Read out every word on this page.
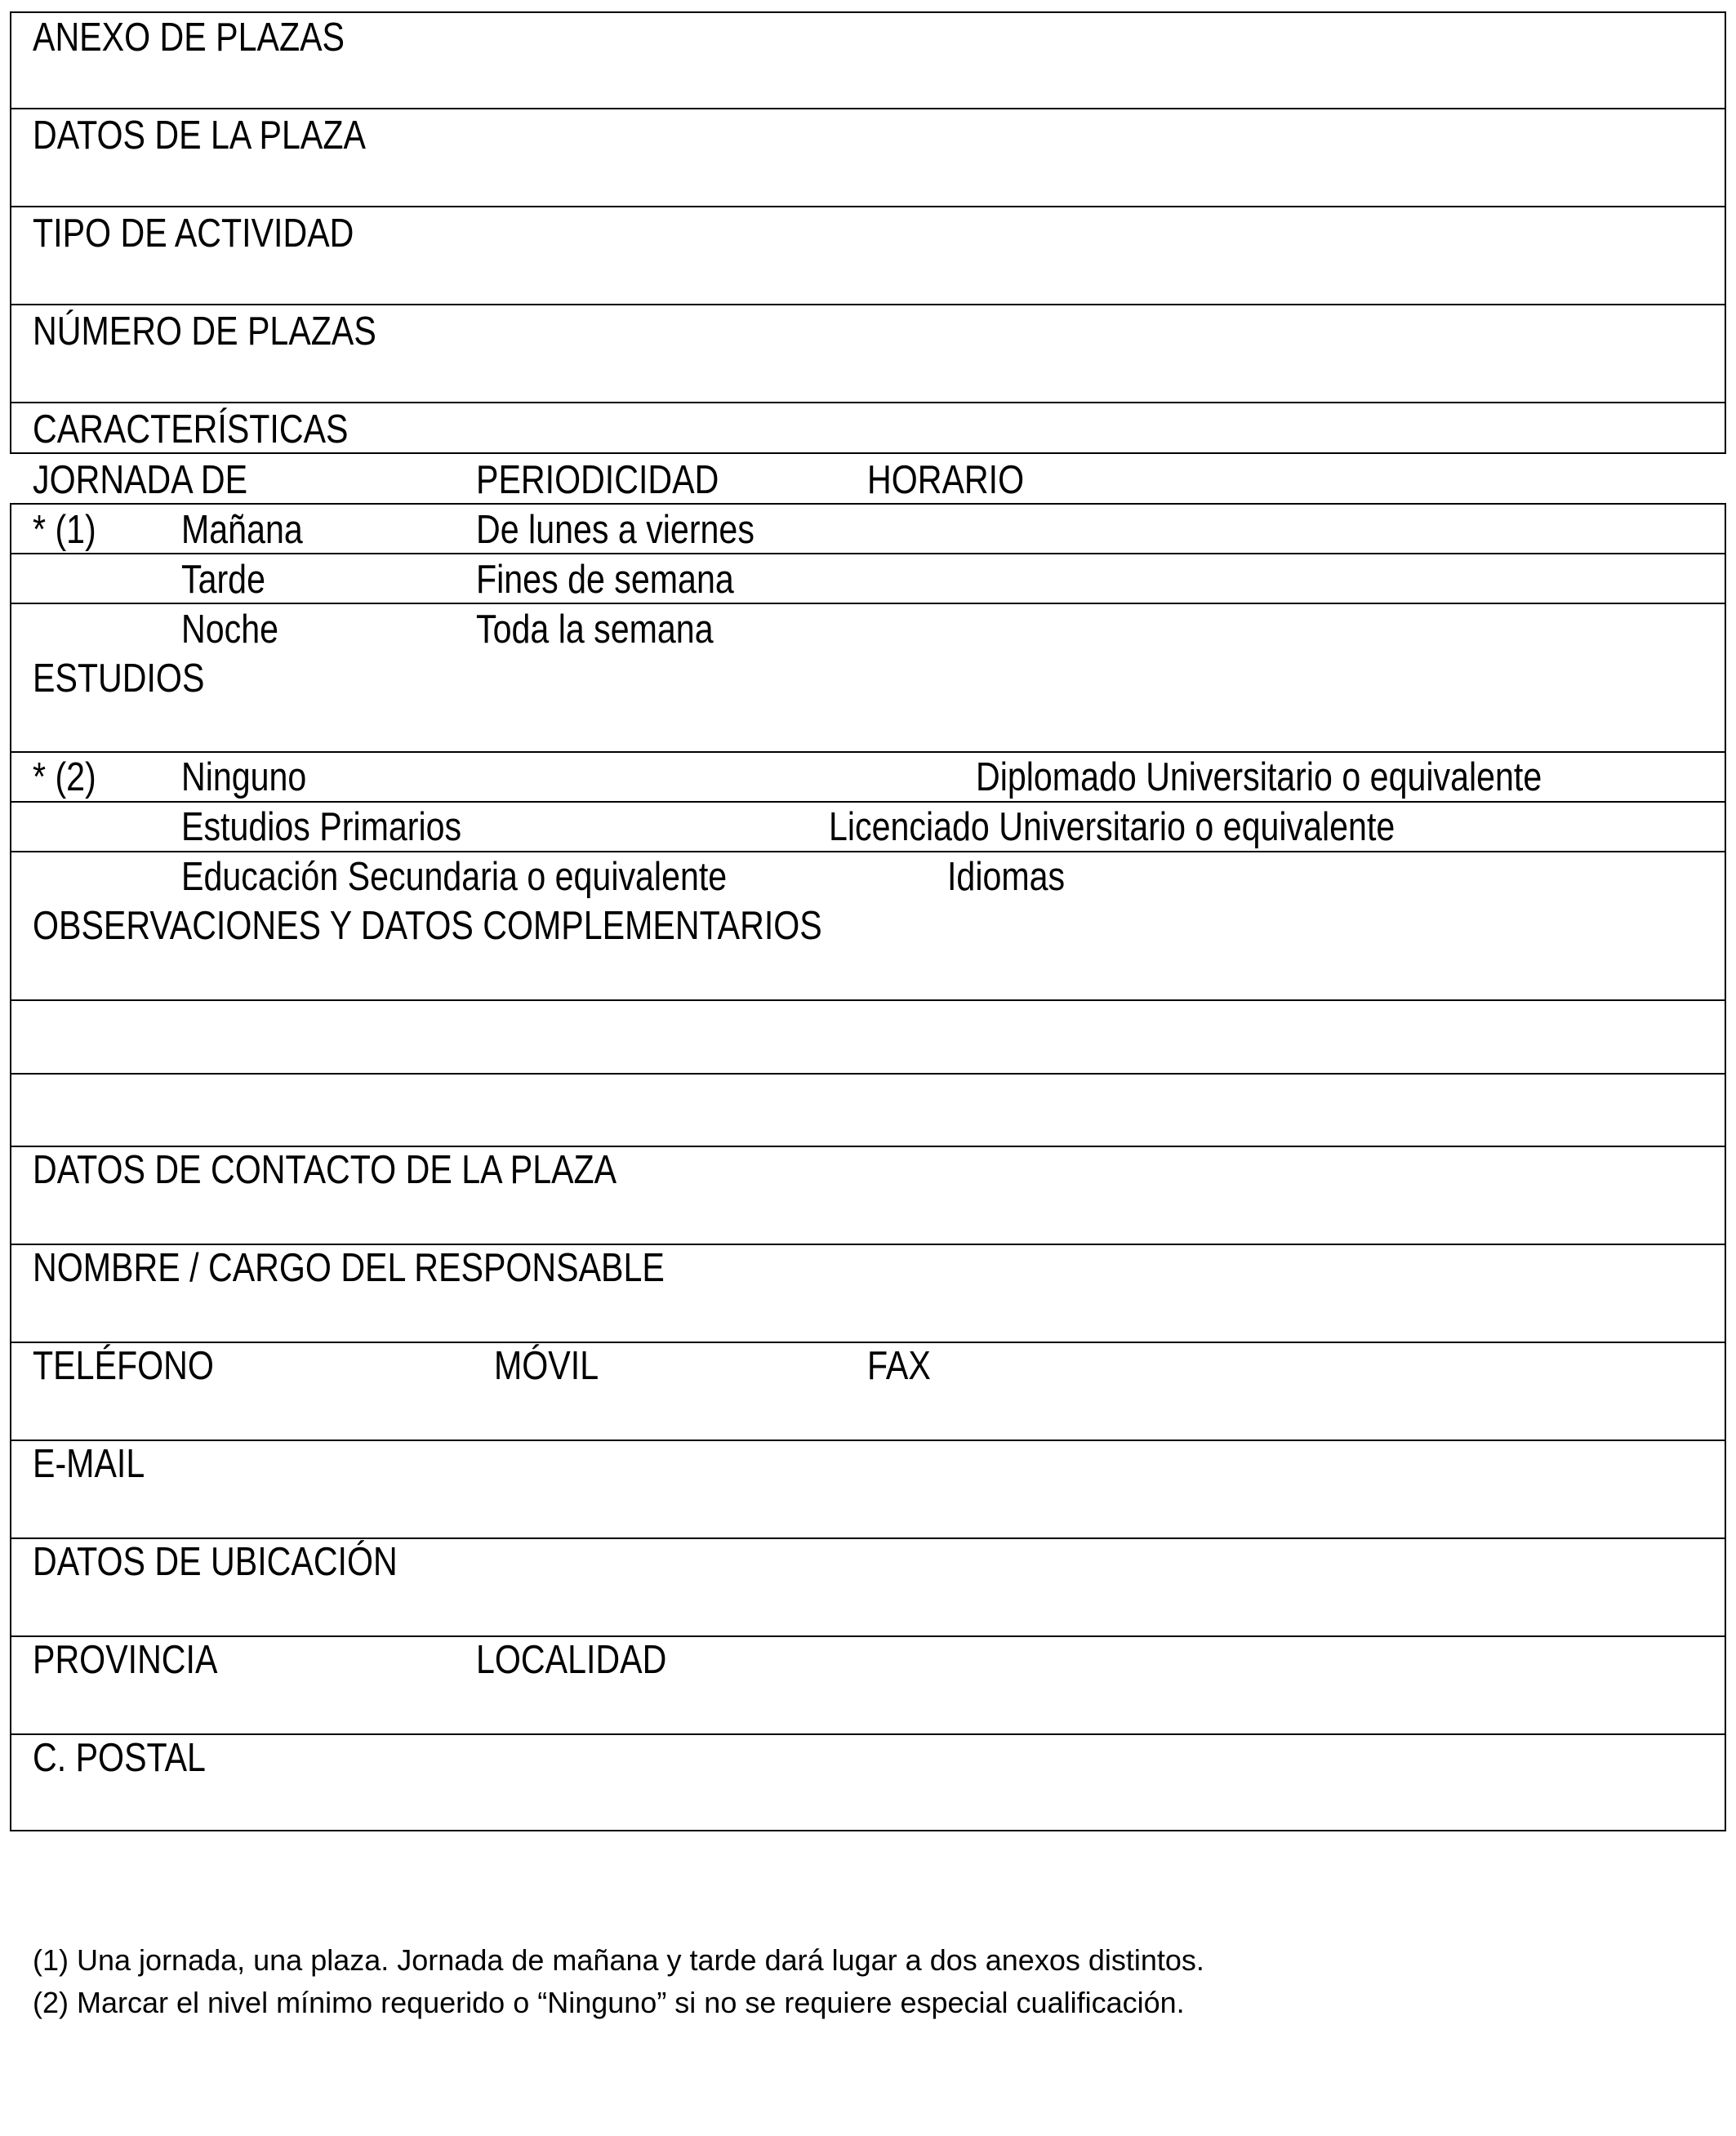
ANEXO DE PLAZAS
DATOS DE LA PLAZA
TIPO DE ACTIVIDAD
NÚMERO DE PLAZAS
CARACTERÍSTICAS
JORNADA DE	PERIODICIDAD	HORARIO
* (1) Mañana	De lunes a viernes
Tarde	Fines de semana
Noche	Toda la semana
ESTUDIOS
* (2) Ninguno	Diplomado Universitario o equivalente
Estudios Primarios	Licenciado Universitario o equivalente
Educación Secundaria o equivalente	Idiomas
OBSERVACIONES Y DATOS COMPLEMENTARIOS
DATOS DE CONTACTO DE LA PLAZA
NOMBRE / CARGO DEL RESPONSABLE
TELÉFONO	MÓVIL	FAX
E-MAIL
DATOS DE UBICACIÓN
PROVINCIA	LOCALIDAD
C. POSTAL
(1) Una jornada, una plaza. Jornada de mañana y tarde dará lugar a dos anexos distintos.
(2) Marcar el nivel mínimo requerido o “Ninguno” si no se requiere especial cualificación.
